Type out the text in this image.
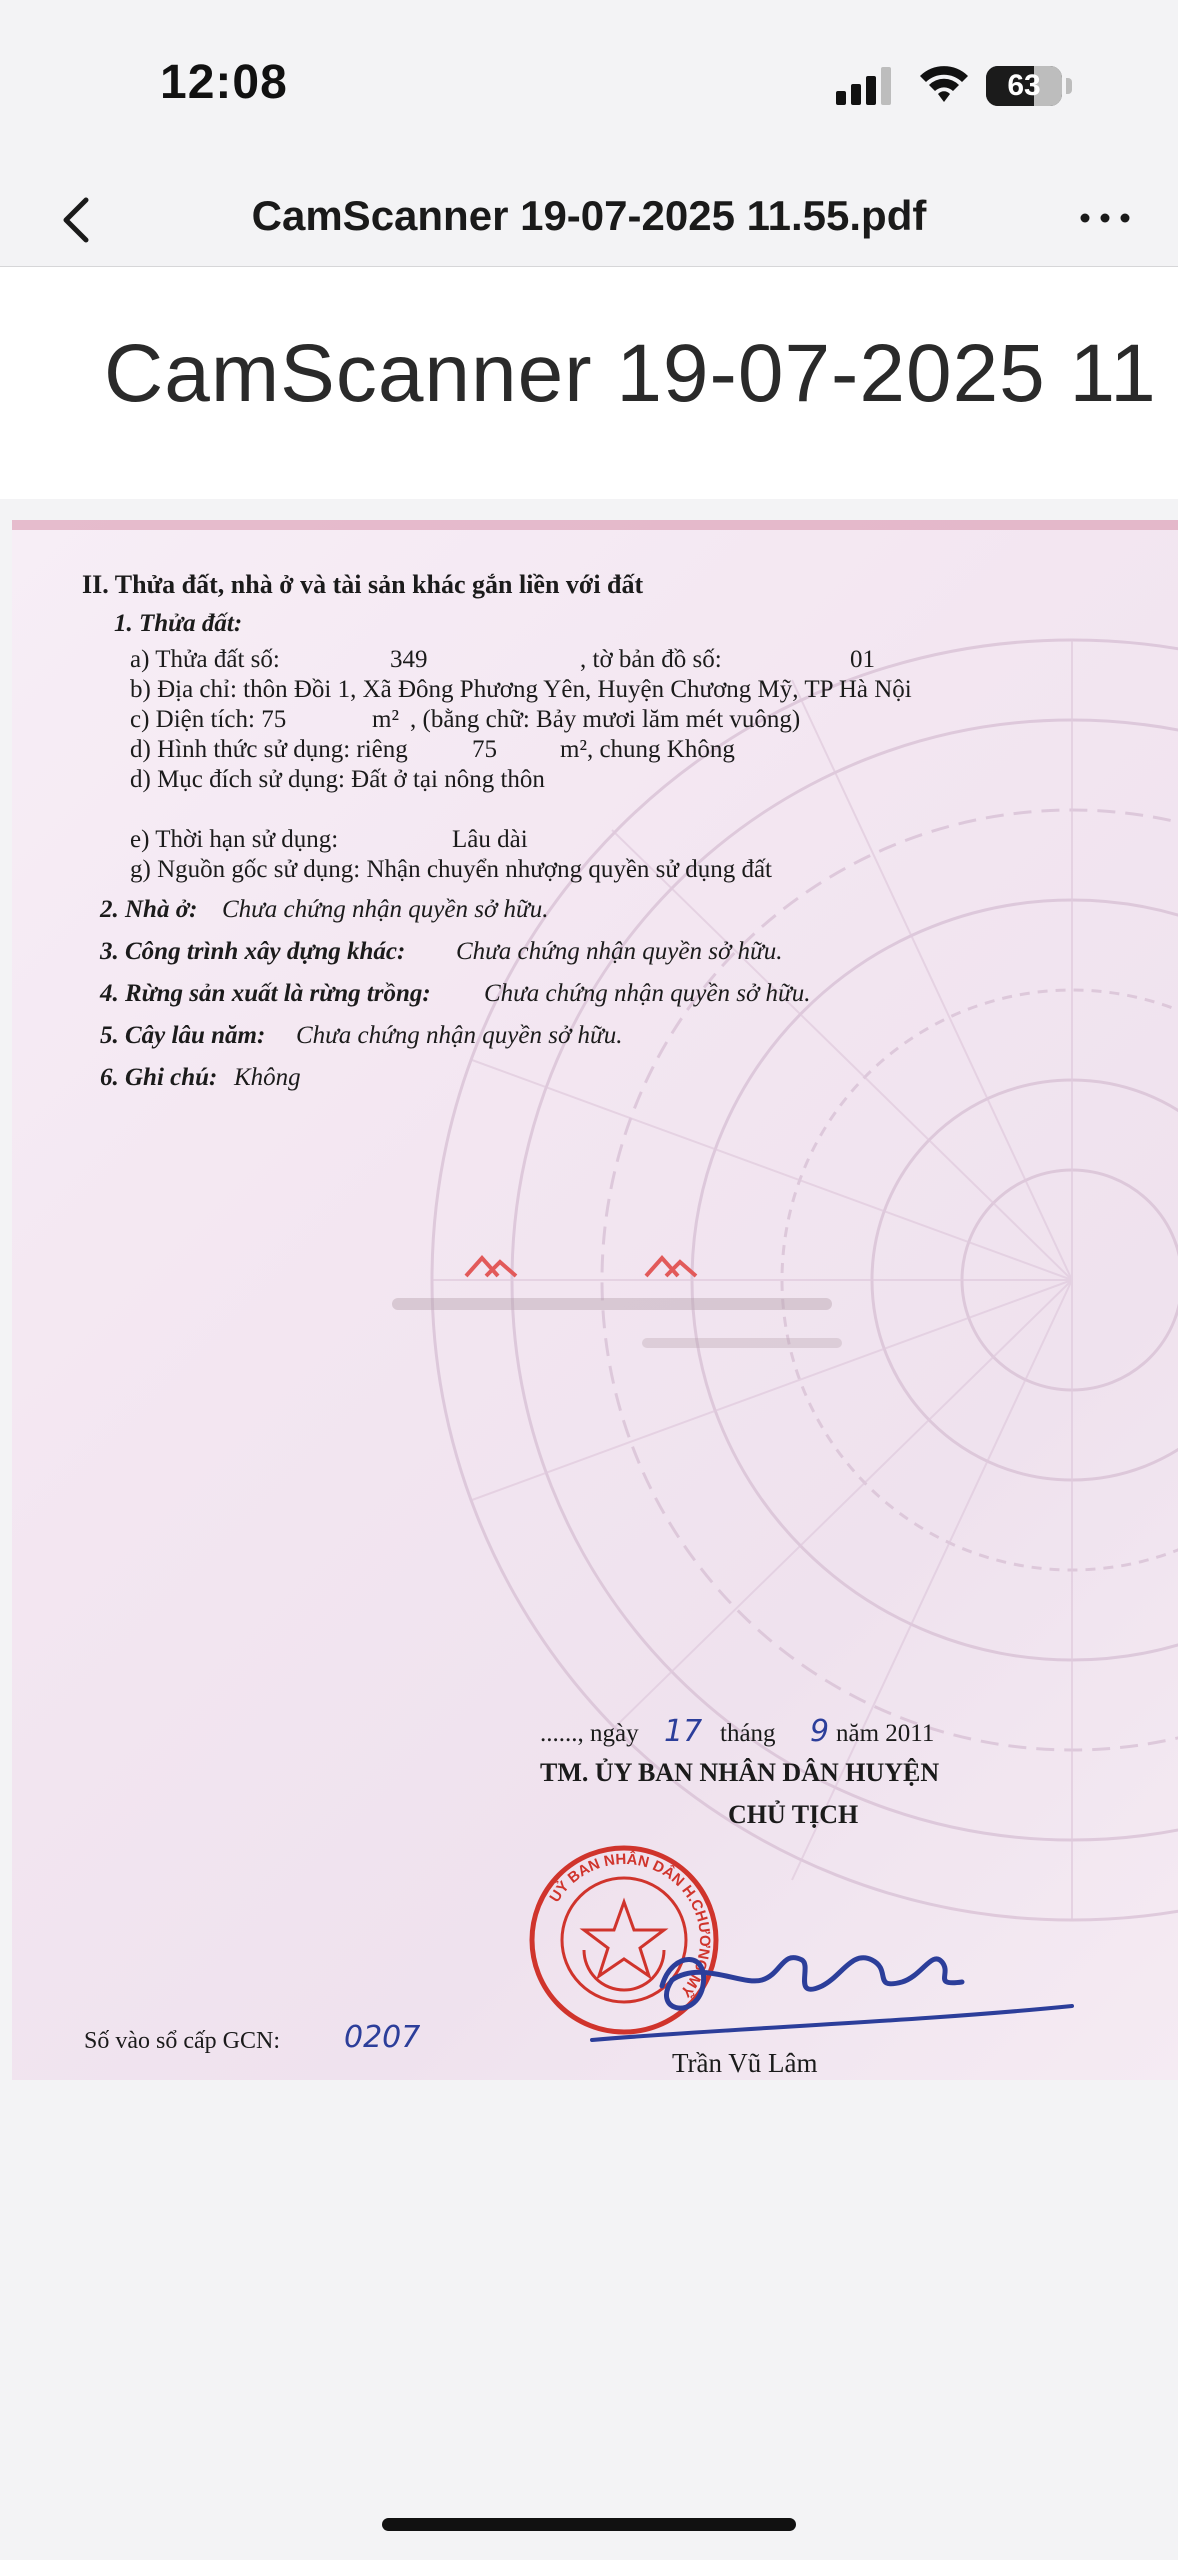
12:08	63
CamScanner 19-07-2025 11.55.pdf
CamScanner 19-07-2025 11
II. Thửa đất, nhà ở và tài sản khác gắn liền với đất
1. Thửa đất:
a) Thửa đất số:	349	, tờ bản đồ số:	01
b) Địa chỉ: thôn Đồi 1, Xã Đông Phương Yên, Huyện Chương Mỹ, TP Hà Nội
c) Diện tích: 75	m² , (bằng chữ: Bảy mươi lăm mét vuông)
d) Hình thức sử dụng: riêng	75	m², chung Không
d) Mục đích sử dụng: Đất ở tại nông thôn
e) Thời hạn sử dụng:	Lâu dài
g) Nguồn gốc sử dụng: Nhận chuyển nhượng quyền sử dụng đất
2. Nhà ở: Chưa chứng nhận quyền sở hữu.
3. Công trình xây dựng khác: Chưa chứng nhận quyền sở hữu.
4. Rừng sản xuất là rừng trồng: Chưa chứng nhận quyền sở hữu.
5. Cây lâu năm: Chưa chứng nhận quyền sở hữu.
6. Ghi chú: Không
......, ngày 17 tháng 9 năm 2011
TM. ỦY BAN NHÂN DÂN HUYỆN
CHỦ TỊCH
UỶ BAN NHÂN DÂN H.CHƯƠNG MỸ
Số vào sổ cấp GCN: 0207
Trần Vũ Lâm
